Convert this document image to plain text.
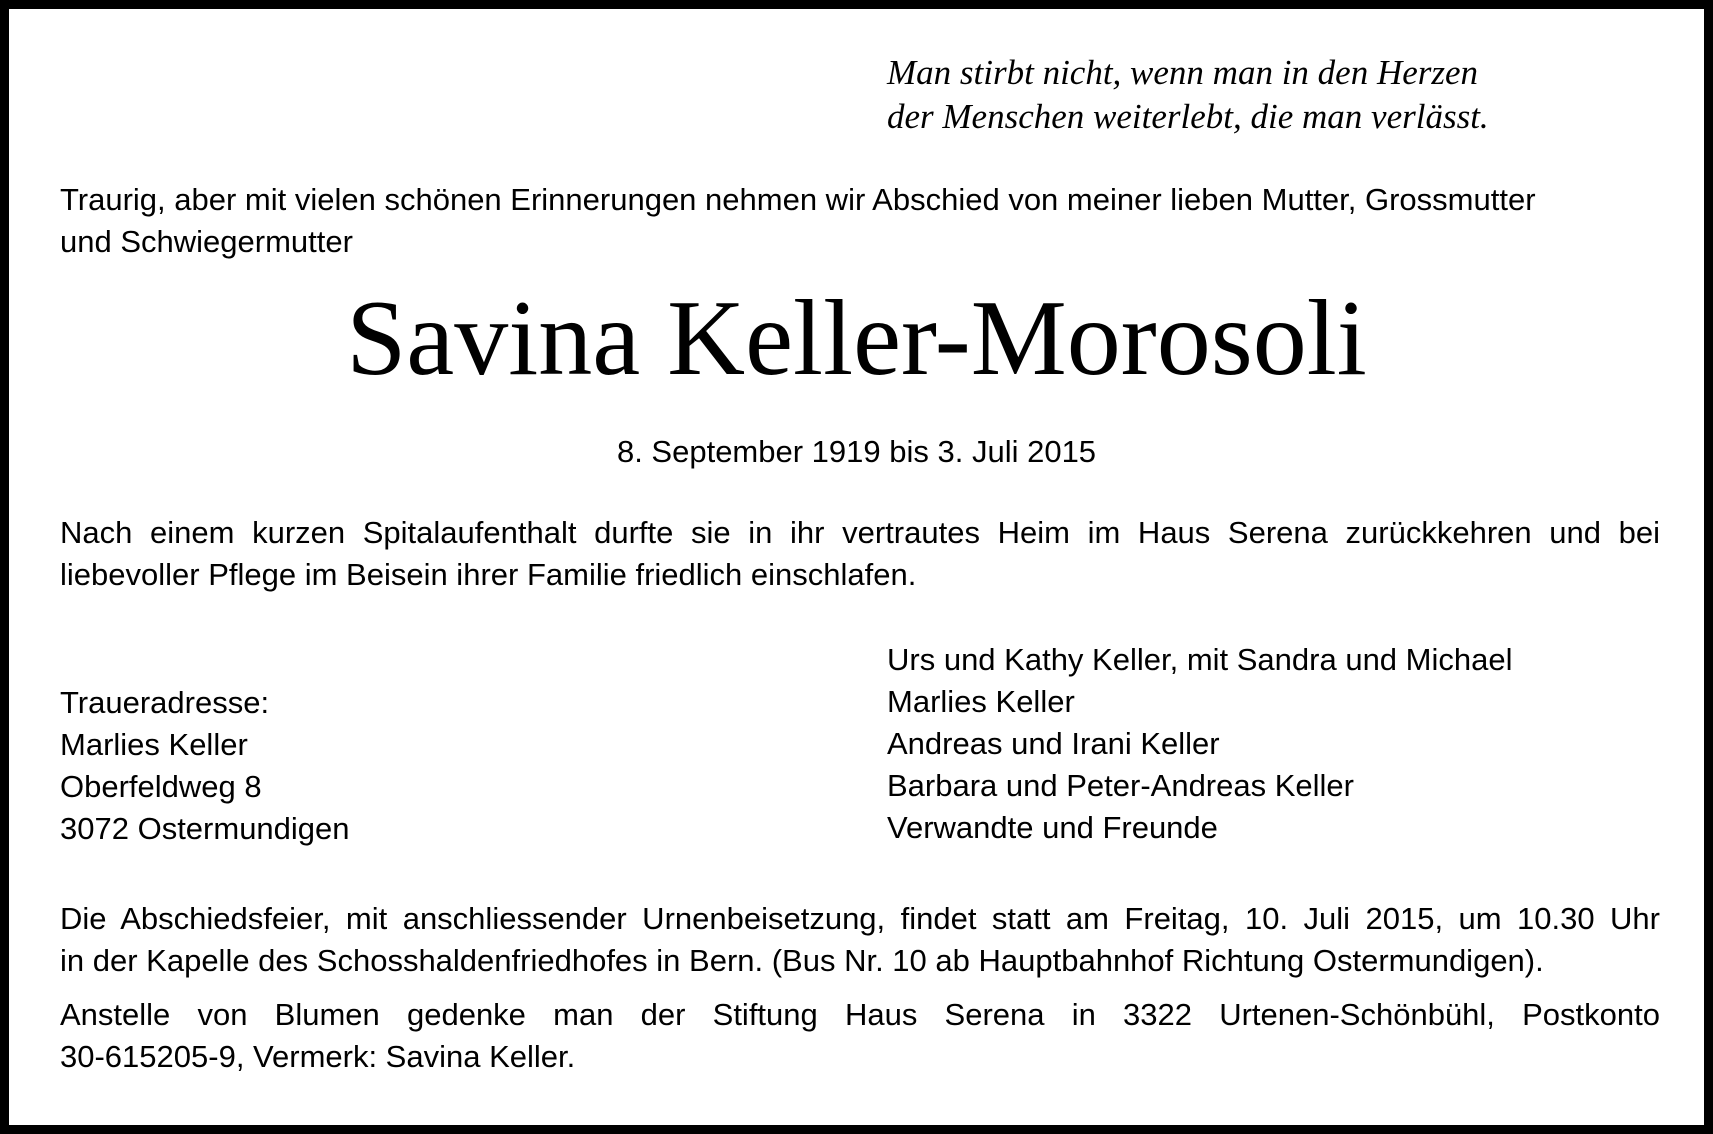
Man stirbt nicht, wenn man in den Herzen
der Menschen weiterlebt, die man verlässt.
Traurig, aber mit vielen schönen Erinnerungen nehmen wir Abschied von meiner lieben Mutter, Grossmutter
und Schwiegermutter
Savina Keller-Morosoli
8. September 1919 bis 3. Juli 2015
Nach einem kurzen Spitalaufenthalt durfte sie in ihr vertrautes Heim im Haus Serena zurückkehren und bei
liebevoller Pflege im Beisein ihrer Familie friedlich einschlafen.
Traueradresse:
Marlies Keller
Oberfeldweg 8
3072 Ostermundigen
Urs und Kathy Keller, mit Sandra und Michael
Marlies Keller
Andreas und Irani Keller
Barbara und Peter-Andreas Keller
Verwandte und Freunde
Die Abschiedsfeier, mit anschliessender Urnenbeisetzung, findet statt am Freitag, 10. Juli 2015, um 10.30 Uhr
in der Kapelle des Schosshaldenfriedhofes in Bern. (Bus Nr. 10 ab Hauptbahnhof Richtung Ostermundigen).
Anstelle von Blumen gedenke man der Stiftung Haus Serena in 3322 Urtenen-Schönbühl, Postkonto
30-615205-9, Vermerk: Savina Keller.
